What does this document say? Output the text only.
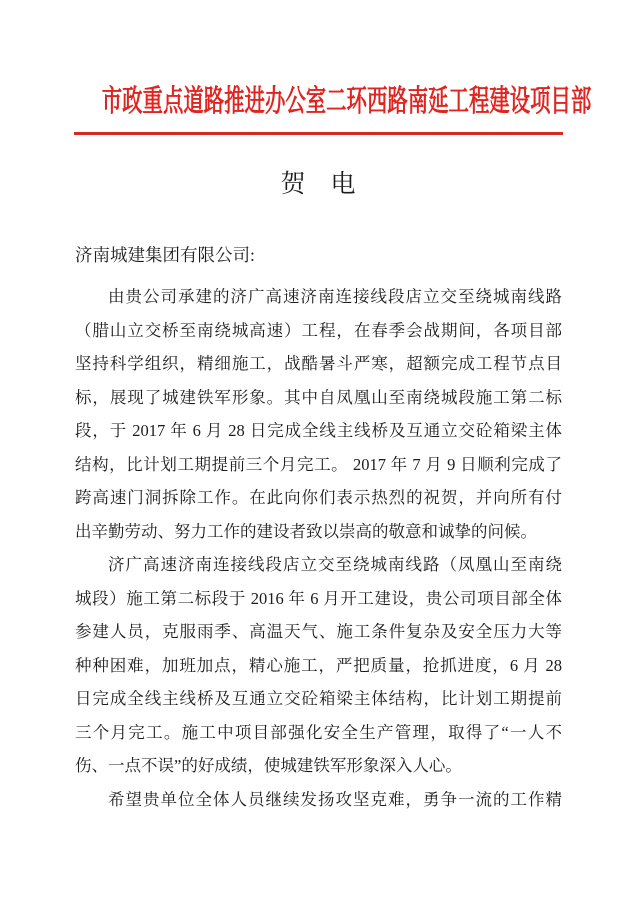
市政重点道路推进办公室二环西路南延工程建设项目部
贺　电
济南城建集团有限公司:
由贵公司承建的济广高速济南连接线段店立交至绕城南线路
（腊山立交桥至南绕城高速）工程，在春季会战期间，各项目部
坚持科学组织，精细施工，战酷暑斗严寒，超额完成工程节点目
标，展现了城建铁军形象。其中自凤凰山至南绕城段施工第二标
段，于 2017 年 6 月 28 日完成全线主线桥及互通立交砼箱梁主体
结构，比计划工期提前三个月完工。 2017 年 7 月 9 日顺利完成了
跨高速门洞拆除工作。在此向你们表示热烈的祝贺，并向所有付
出辛勤劳动、努力工作的建设者致以崇高的敬意和诚挚的问候。
济广高速济南连接线段店立交至绕城南线路（凤凰山至南绕
城段）施工第二标段于 2016 年 6 月开工建设，贵公司项目部全体
参建人员，克服雨季、高温天气、施工条件复杂及安全压力大等
种种困难，加班加点，精心施工，严把质量，抢抓进度，6 月 28
日完成全线主线桥及互通立交砼箱梁主体结构，比计划工期提前
三个月完工。施工中项目部强化安全生产管理，取得了“一人不
伤、一点不误”的好成绩，使城建铁军形象深入人心。
希望贵单位全体人员继续发扬攻坚克难，勇争一流的工作精
